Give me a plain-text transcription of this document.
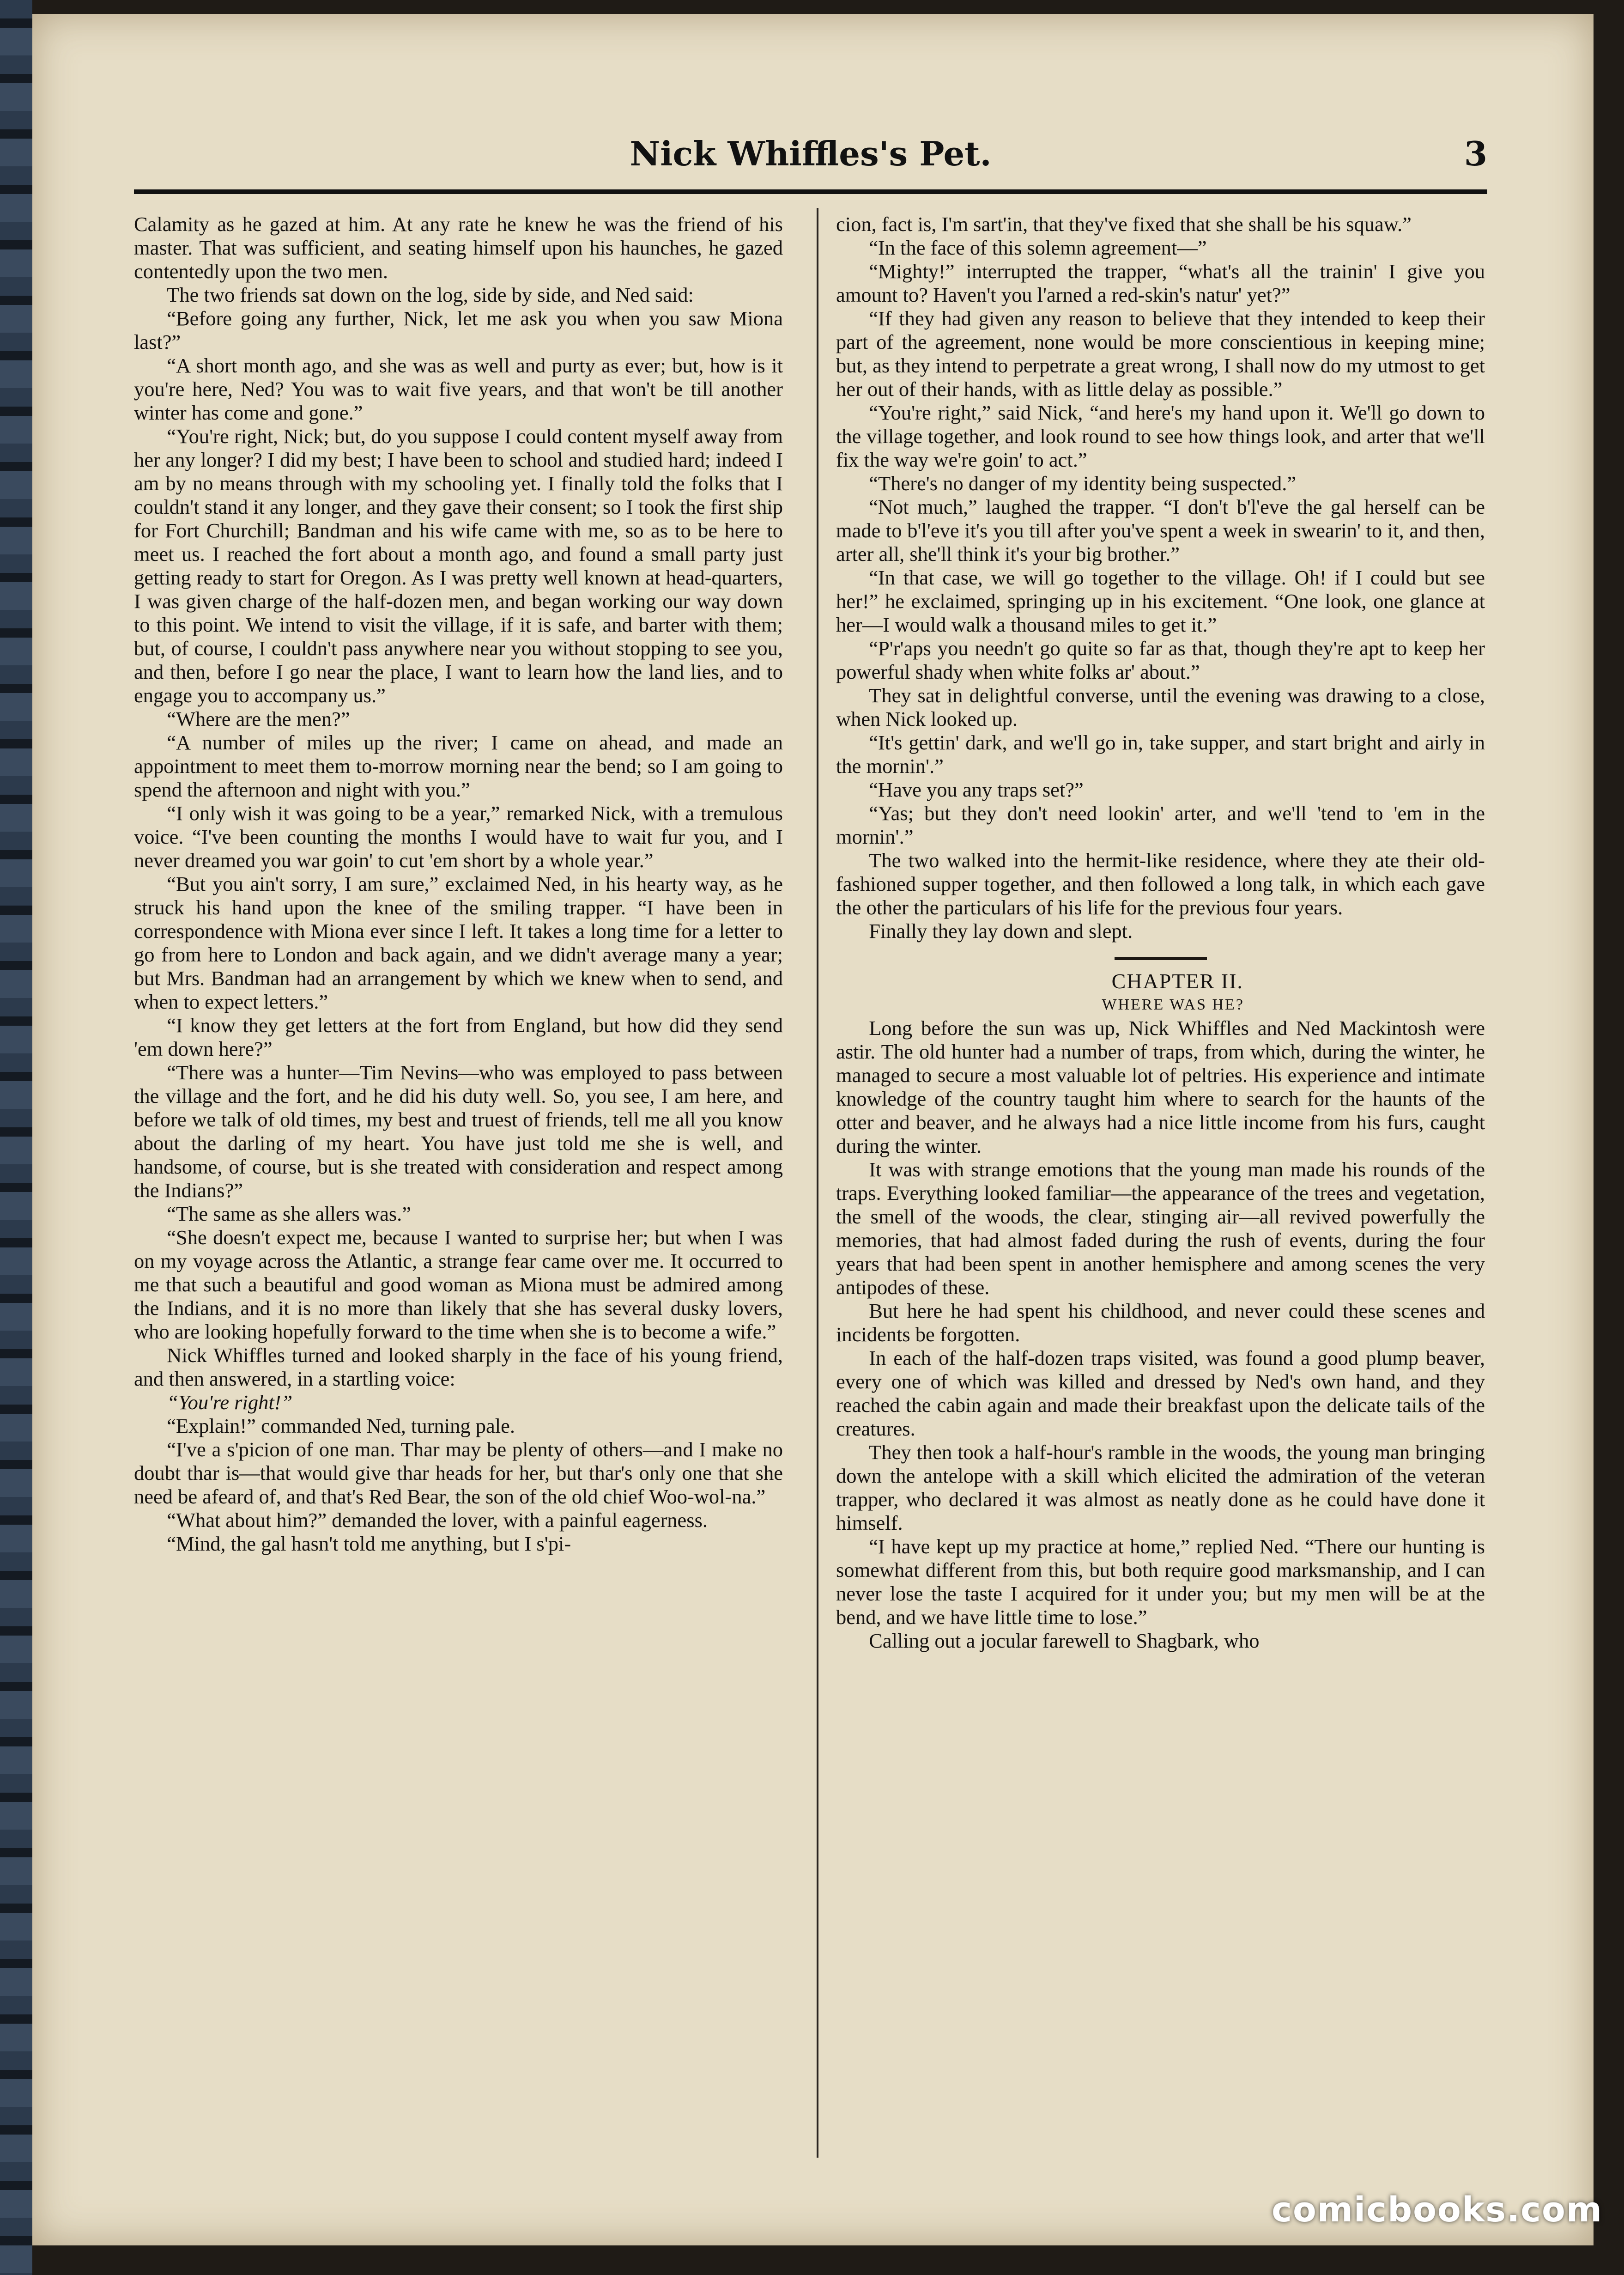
Nick Whiffles's Pet.	3

Calamity as he gazed at him. At any rate he knew he was the friend of his master. That was sufficient, and seating himself upon his haunches, he gazed contentedly upon the two men.

The two friends sat down on the log, side by side, and Ned said:

“Before going any further, Nick, let me ask you when you saw Miona last?”

“A short month ago, and she was as well and purty as ever; but, how is it you're here, Ned? You was to wait five years, and that won't be till another winter has come and gone.”

“You're right, Nick; but, do you suppose I could content myself away from her any longer? I did my best; I have been to school and studied hard; indeed I am by no means through with my schooling yet. I finally told the folks that I couldn't stand it any longer, and they gave their consent; so I took the first ship for Fort Churchill; Bandman and his wife came with me, so as to be here to meet us. I reached the fort about a month ago, and found a small party just getting ready to start for Oregon. As I was pretty well known at head-quarters, I was given charge of the half-dozen men, and began working our way down to this point. We intend to visit the village, if it is safe, and barter with them; but, of course, I couldn't pass anywhere near you without stopping to see you, and then, before I go near the place, I want to learn how the land lies, and to engage you to accompany us.”

“Where are the men?”

“A number of miles up the river; I came on ahead, and made an appointment to meet them to-morrow morning near the bend; so I am going to spend the afternoon and night with you.”

“I only wish it was going to be a year,” remarked Nick, with a tremulous voice. “I've been counting the months I would have to wait fur you, and I never dreamed you war goin' to cut 'em short by a whole year.”

“But you ain't sorry, I am sure,” exclaimed Ned, in his hearty way, as he struck his hand upon the knee of the smiling trapper. “I have been in correspondence with Miona ever since I left. It takes a long time for a letter to go from here to London and back again, and we didn't average many a year; but Mrs. Bandman had an arrangement by which we knew when to send, and when to expect letters.”

“I know they get letters at the fort from England, but how did they send 'em down here?”

“There was a hunter—Tim Nevins—who was employed to pass between the village and the fort, and he did his duty well. So, you see, I am here, and before we talk of old times, my best and truest of friends, tell me all you know about the darling of my heart. You have just told me she is well, and handsome, of course, but is she treated with consideration and respect among the Indians?”

“The same as she allers was.”

“She doesn't expect me, because I wanted to surprise her; but when I was on my voyage across the Atlantic, a strange fear came over me. It occurred to me that such a beautiful and good woman as Miona must be admired among the Indians, and it is no more than likely that she has several dusky lovers, who are looking hopefully forward to the time when she is to become a wife.”

Nick Whiffles turned and looked sharply in the face of his young friend, and then answered, in a startling voice:

“You're right!”

“Explain!” commanded Ned, turning pale.

“I've a s'picion of one man. Thar may be plenty of others—and I make no doubt thar is—that would give thar heads for her, but thar's only one that she need be afeard of, and that's Red Bear, the son of the old chief Woo-wol-na.”

“What about him?” demanded the lover, with a painful eagerness.

“Mind, the gal hasn't told me anything, but I s'pi-

cion, fact is, I'm sart'in, that they've fixed that she shall be his squaw.”

“In the face of this solemn agreement—”

“Mighty!” interrupted the trapper, “what's all the trainin' I give you amount to? Haven't you l'arned a red-skin's natur' yet?”

“If they had given any reason to believe that they intended to keep their part of the agreement, none would be more conscientious in keeping mine; but, as they intend to perpetrate a great wrong, I shall now do my utmost to get her out of their hands, with as little delay as possible.”

“You're right,” said Nick, “and here's my hand upon it. We'll go down to the village together, and look round to see how things look, and arter that we'll fix the way we're goin' to act.”

“There's no danger of my identity being suspected.”

“Not much,” laughed the trapper. “I don't b'l'eve the gal herself can be made to b'l'eve it's you till after you've spent a week in swearin' to it, and then, arter all, she'll think it's your big brother.”

“In that case, we will go together to the village. Oh! if I could but see her!” he exclaimed, springing up in his excitement. “One look, one glance at her—I would walk a thousand miles to get it.”

“P'r'aps you needn't go quite so far as that, though they're apt to keep her powerful shady when white folks ar' about.”

They sat in delightful converse, until the evening was drawing to a close, when Nick looked up.

“It's gettin' dark, and we'll go in, take supper, and start bright and airly in the mornin'.”

“Have you any traps set?”

“Yas; but they don't need lookin' arter, and we'll 'tend to 'em in the mornin'.”

The two walked into the hermit-like residence, where they ate their old-fashioned supper together, and then followed a long talk, in which each gave the other the particulars of his life for the previous four years.

Finally they lay down and slept.

CHAPTER II.

WHERE WAS HE?

Long before the sun was up, Nick Whiffles and Ned Mackintosh were astir. The old hunter had a number of traps, from which, during the winter, he managed to secure a most valuable lot of peltries. His experience and intimate knowledge of the country taught him where to search for the haunts of the otter and beaver, and he always had a nice little income from his furs, caught during the winter.

It was with strange emotions that the young man made his rounds of the traps. Everything looked familiar—the appearance of the trees and vegetation, the smell of the woods, the clear, stinging air—all revived powerfully the memories, that had almost faded during the rush of events, during the four years that had been spent in another hemisphere and among scenes the very antipodes of these.

But here he had spent his childhood, and never could these scenes and incidents be forgotten.

In each of the half-dozen traps visited, was found a good plump beaver, every one of which was killed and dressed by Ned's own hand, and they reached the cabin again and made their breakfast upon the delicate tails of the creatures.

They then took a half-hour's ramble in the woods, the young man bringing down the antelope with a skill which elicited the admiration of the veteran trapper, who declared it was almost as neatly done as he could have done it himself.

“I have kept up my practice at home,” replied Ned. “There our hunting is somewhat different from this, but both require good marksmanship, and I can never lose the taste I acquired for it under you; but my men will be at the bend, and we have little time to lose.”

Calling out a jocular farewell to Shagbark, who

comicbooks.com
